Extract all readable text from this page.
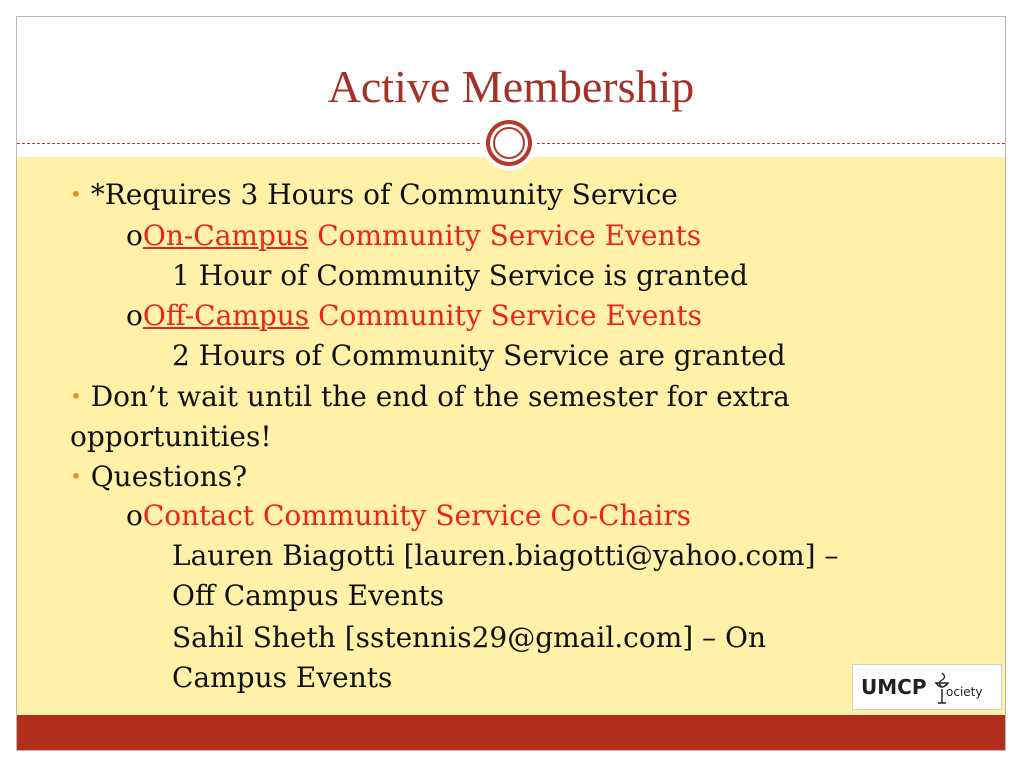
Active Membership
• *Requires 3 Hours of Community Service
oOn-Campus Community Service Events
1 Hour of Community Service is granted
oOff-Campus Community Service Events
2 Hours of Community Service are granted
• Don’t wait until the end of the semester for extra
opportunities!
• Questions?
oContact Community Service Co-Chairs
Lauren Biagotti [lauren.biagotti@yahoo.com] –
Off Campus Events
Sahil Sheth [sstennis29@gmail.com] – On
Campus Events	UMCP ociety
